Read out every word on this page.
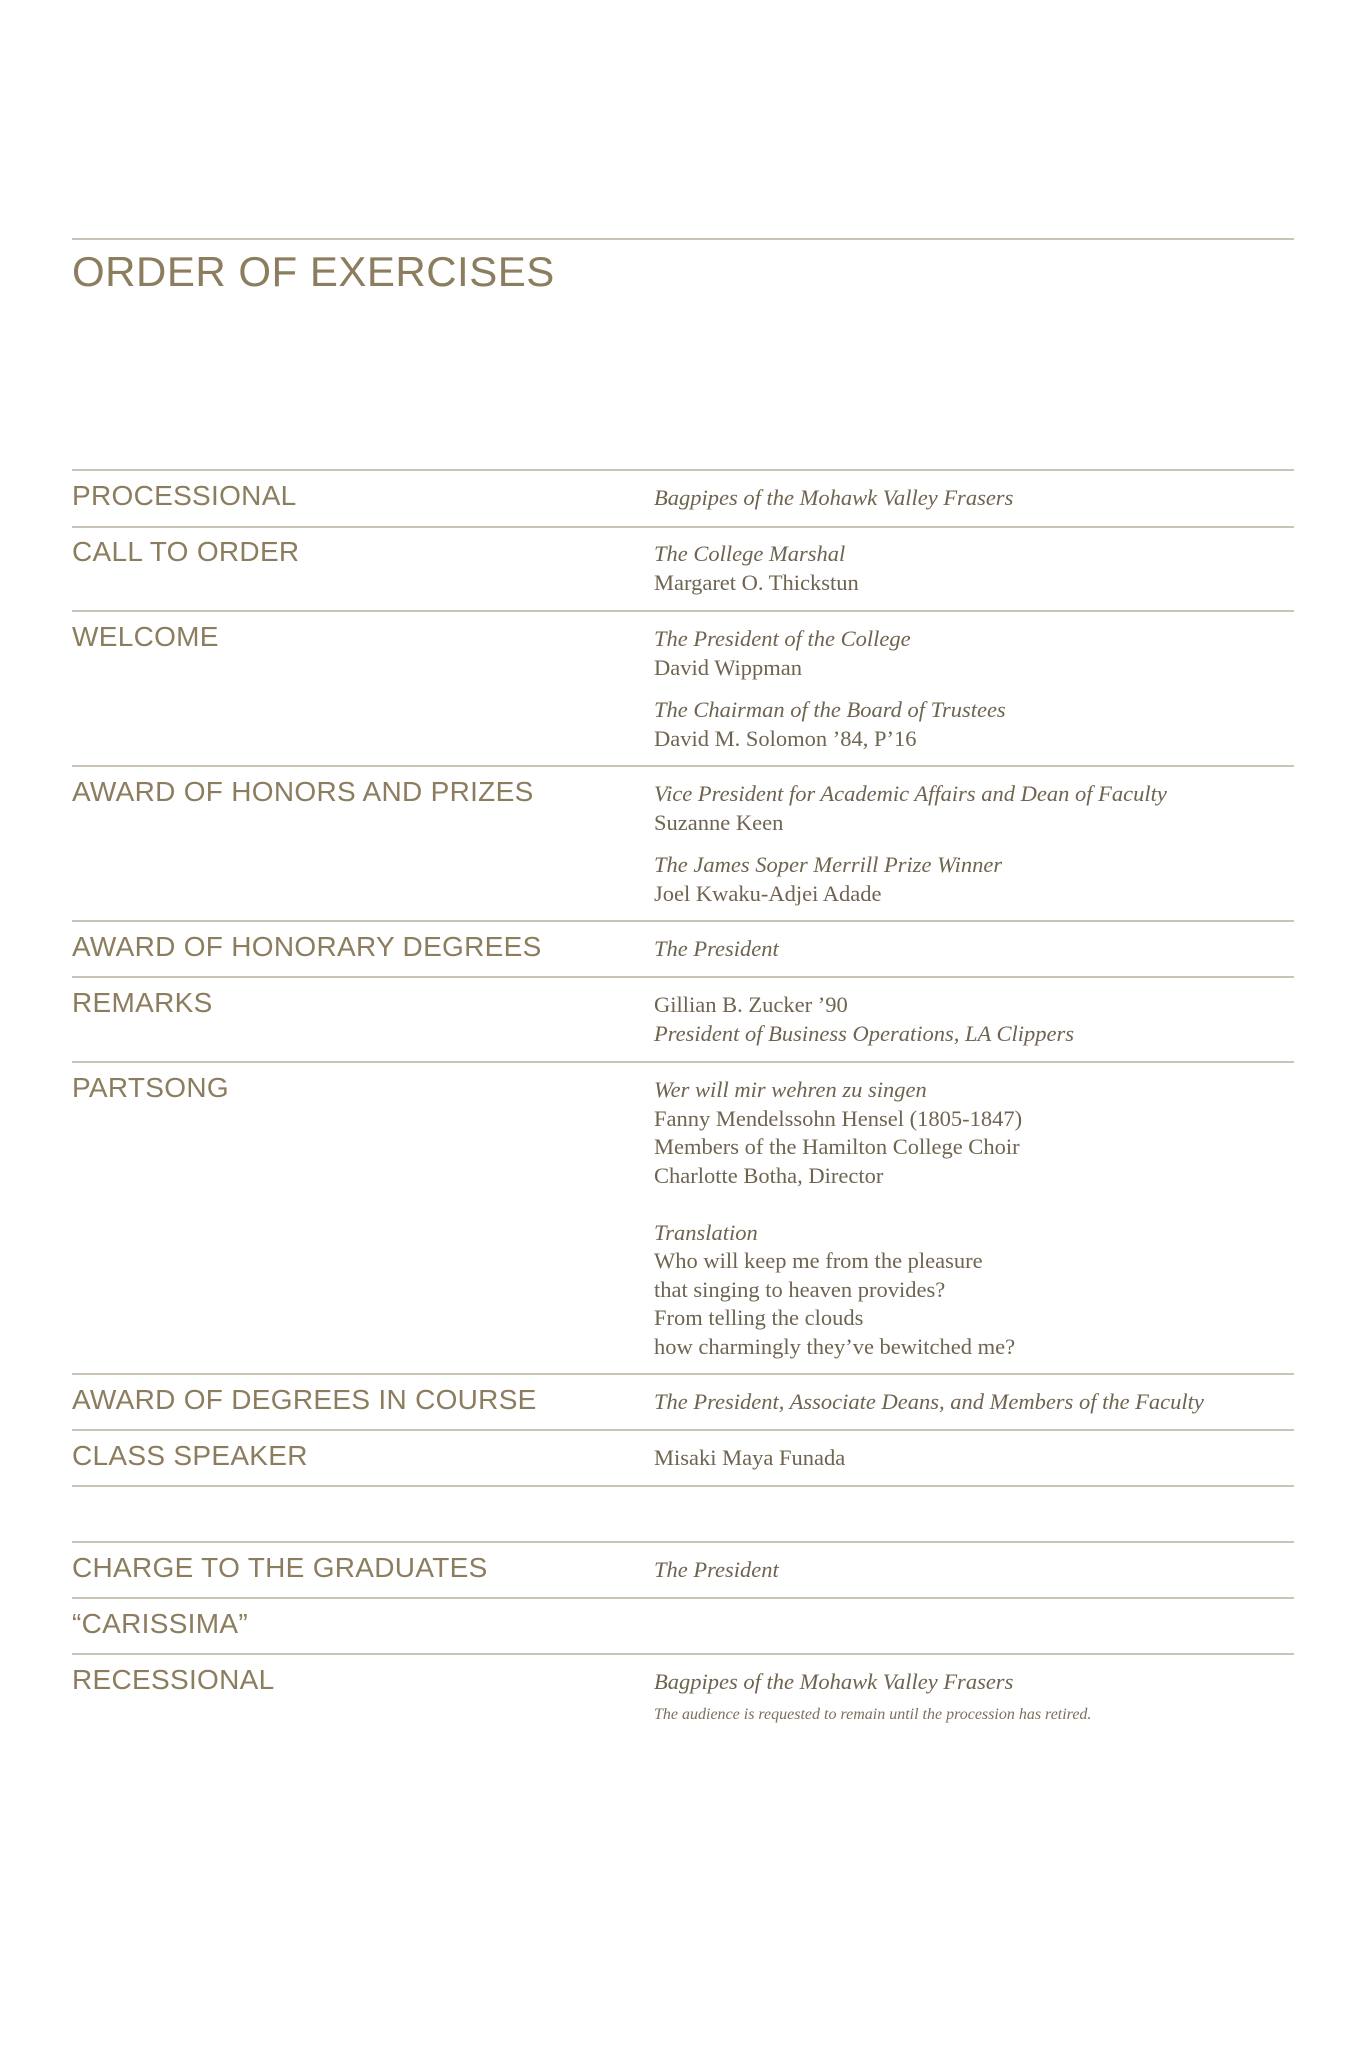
ORDER OF EXERCISES
PROCESSIONAL	Bagpipes of the Mohawk Valley Frasers
CALL TO ORDER	The College Marshal
Margaret O. Thickstun
WELCOME	The President of the College
David Wippman
The Chairman of the Board of Trustees
David M. Solomon ’84, P’16
AWARD OF HONORS AND PRIZES	Vice President for Academic Affairs and Dean of Faculty
Suzanne Keen
The James Soper Merrill Prize Winner
Joel Kwaku-Adjei Adade
AWARD OF HONORARY DEGREES	The President
REMARKS	Gillian B. Zucker ’90
President of Business Operations, LA Clippers
PARTSONG	Wer will mir wehren zu singen
Fanny Mendelssohn Hensel (1805-1847)
Members of the Hamilton College Choir
Charlotte Botha, Director
Translation
Who will keep me from the pleasure
that singing to heaven provides?
From telling the clouds
how charmingly they’ve bewitched me?
AWARD OF DEGREES IN COURSE	The President, Associate Deans, and Members of the Faculty
CLASS SPEAKER	Misaki Maya Funada
CHARGE TO THE GRADUATES	The President
“CARISSIMA”
RECESSIONAL	Bagpipes of the Mohawk Valley Frasers
The audience is requested to remain until the procession has retired.
